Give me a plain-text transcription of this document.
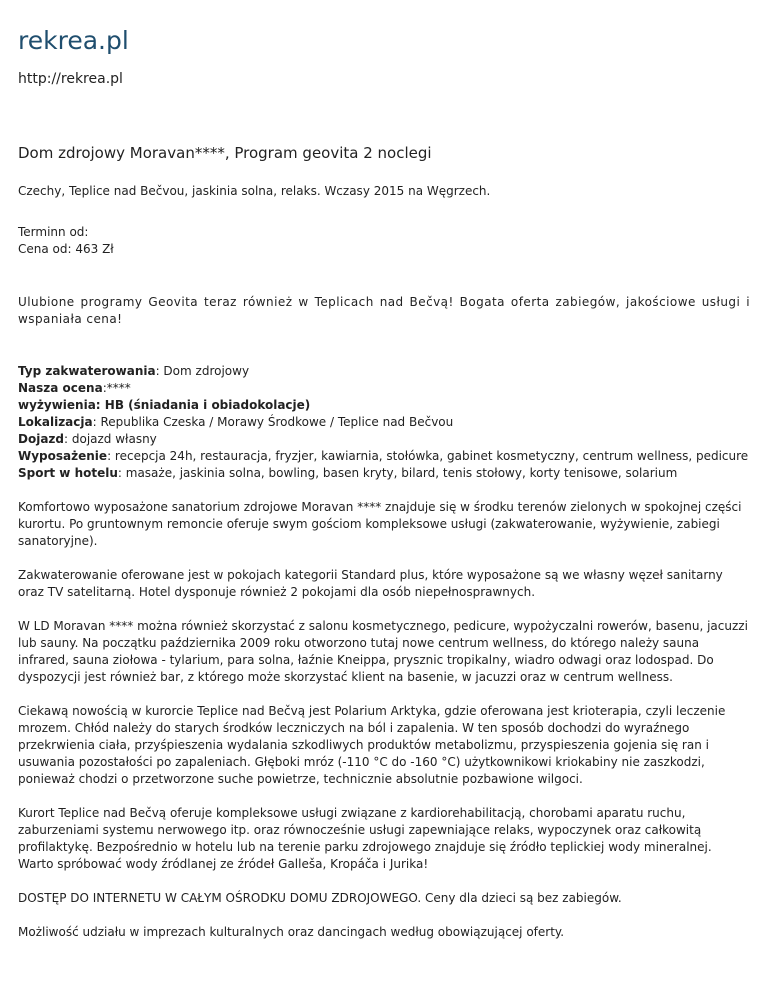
rekrea.pl
http://rekrea.pl
Dom zdrojowy Moravan****, Program geovita 2 noclegi

Czechy, Teplice nad Bečvou, jaskinia solna, relaks. Wczasy 2015 na Węgrzech.

Terminn od:
Cena od: 463 Zł

Ulubione programy Geovita teraz również w Teplicach nad Bečvą! Bogata oferta zabiegów, jakościowe usługi i wspaniała cena!

Typ zakwaterowania: Dom zdrojowy
Nasza ocena:****
wyżywienia: HB (śniadania i obiadokolacje)
Lokalizacja: Republika Czeska / Morawy Środkowe / Teplice nad Bečvou
Dojazd: dojazd własny
Wyposażenie: recepcja 24h, restauracja, fryzjer, kawiarnia, stołówka, gabinet kosmetyczny, centrum wellness, pedicure Sport w hotelu: masaże, jaskinia solna, bowling, basen kryty, bilard, tenis stołowy, korty tenisowe, solarium

Komfortowo wyposażone sanatorium zdrojowe Moravan **** znajduje się w środku terenów zielonych w spokojnej części kurortu. Po gruntownym remoncie oferuje swym gościom kompleksowe usługi (zakwaterowanie, wyżywienie, zabiegi sanatoryjne).

Zakwaterowanie oferowane jest w pokojach kategorii Standard plus, które wyposażone są we własny węzeł sanitarny oraz TV satelitarną. Hotel dysponuje również 2 pokojami dla osób niepełnosprawnych.

W LD Moravan **** można również skorzystać z salonu kosmetycznego, pedicure, wypożyczalni rowerów, basenu, jacuzzi lub sauny. Na początku października 2009 roku otworzono tutaj nowe centrum wellness, do którego należy sauna infrared, sauna ziołowa - tylarium, para solna, łaźnie Kneippa, prysznic tropikalny, wiadro odwagi oraz lodospad. Do dyspozycji jest również bar, z którego może skorzystać klient na basenie, w jacuzzi oraz w centrum wellness.

Ciekawą nowością w kurorcie Teplice nad Bečvą jest Polarium Arktyka, gdzie oferowana jest krioterapia, czyli leczenie mrozem. Chłód należy do starych środków leczniczych na ból i zapalenia. W ten sposób dochodzi do wyraźnego przekrwienia ciała, przyśpieszenia wydalania szkodliwych produktów metabolizmu, przyspieszenia gojenia się ran i usuwania pozostałości po zapaleniach. Głęboki mróz (-110 °C do -160 °C) użytkownikowi kriokabiny nie zaszkodzi, ponieważ chodzi o przetworzone suche powietrze, technicznie absolutnie pozbawione wilgoci.

Kurort Teplice nad Bečvą oferuje kompleksowe usługi związane z kardiorehabilitacją, chorobami aparatu ruchu, zaburzeniami systemu nerwowego itp. oraz równocześnie usługi zapewniające relaks, wypoczynek oraz całkowitą profilaktykę. Bezpośrednio w hotelu lub na terenie parku zdrojowego znajduje się źródło teplickiej wody mineralnej. Warto spróbować wody źródlanej ze źródeł Galleša, Kropáča i Jurika!

DOSTĘP DO INTERNETU W CAŁYM OŚRODKU DOMU ZDROJOWEGO. Ceny dla dzieci są bez zabiegów.

Możliwość udziału w imprezach kulturalnych oraz dancingach według obowiązującej oferty.
